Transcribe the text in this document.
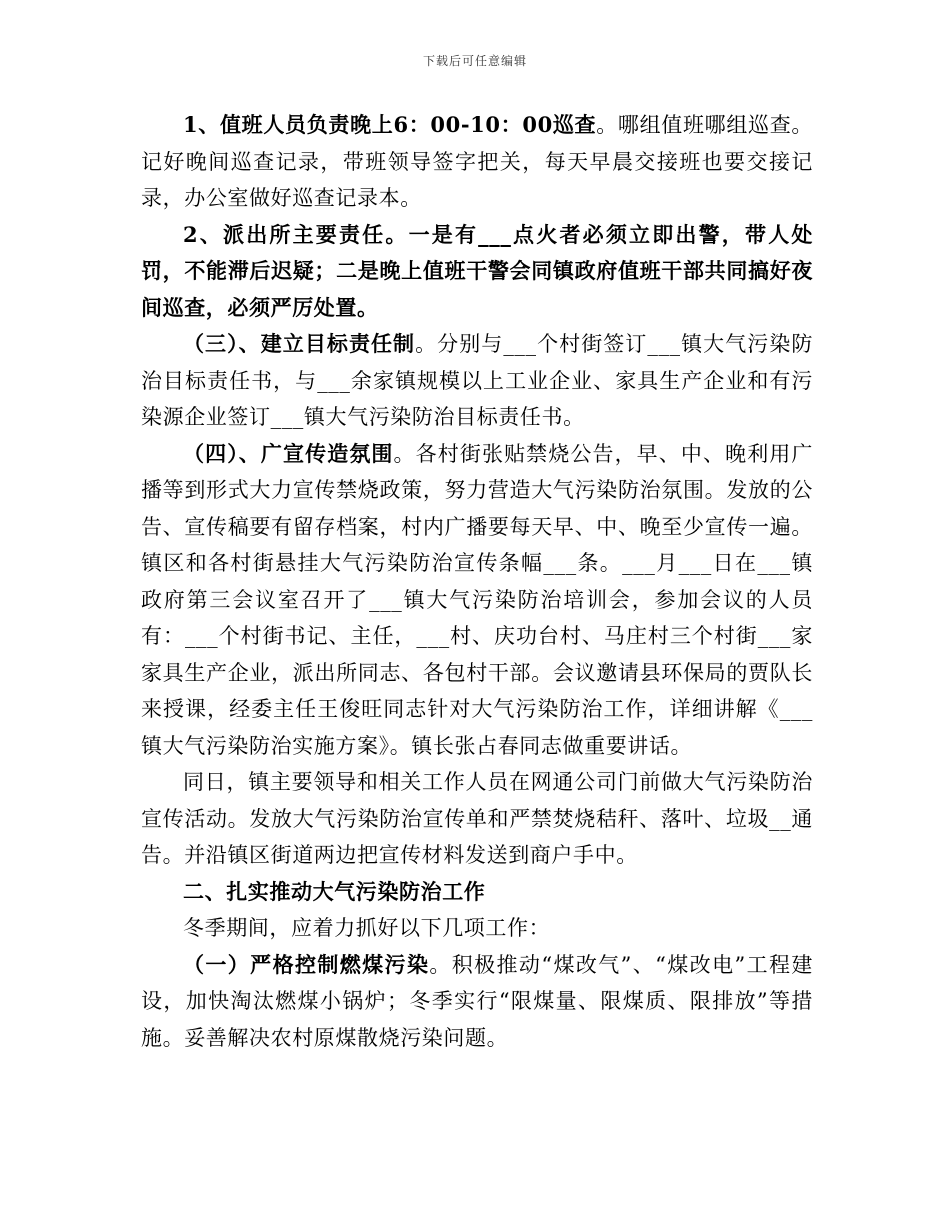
下载后可任意编辑

1、值班人员负责晚上6：00-10：00巡查。哪组值班哪组巡查。记好晚间巡查记录，带班领导签字把关，每天早晨交接班也要交接记录，办公室做好巡查记录本。

2、派出所主要责任。一是有___点火者必须立即出警，带人处罚，不能滞后迟疑；二是晚上值班干警会同镇政府值班干部共同搞好夜间巡查，必须严厉处置。

（三）、建立目标责任制。分别与___个村街签订___镇大气污染防治目标责任书，与___余家镇规模以上工业企业、家具生产企业和有污染源企业签订___镇大气污染防治目标责任书。

（四）、广宣传造氛围。各村街张贴禁烧公告，早、中、晚利用广播等到形式大力宣传禁烧政策，努力营造大气污染防治氛围。发放的公告、宣传稿要有留存档案，村内广播要每天早、中、晚至少宣传一遍。镇区和各村街悬挂大气污染防治宣传条幅___条。___月___日在___镇政府第三会议室召开了___镇大气污染防治培训会，参加会议的人员有：___个村街书记、主任，___村、庆功台村、马庄村三个村街___家家具生产企业，派出所同志、各包村干部。会议邀请县环保局的贾队长来授课，经委主任王俊旺同志针对大气污染防治工作，详细讲解《___镇大气污染防治实施方案》。镇长张占春同志做重要讲话。

同日，镇主要领导和相关工作人员在网通公司门前做大气污染防治宣传活动。发放大气污染防治宣传单和严禁焚烧秸秆、落叶、垃圾__通告。并沿镇区街道两边把宣传材料发送到商户手中。

二、扎实推动大气污染防治工作

冬季期间，应着力抓好以下几项工作：

（一）严格控制燃煤污染。积极推动“煤改气”、“煤改电”工程建设，加快淘汰燃煤小锅炉；冬季实行“限煤量、限煤质、限排放”等措施。妥善解决农村原煤散烧污染问题。
